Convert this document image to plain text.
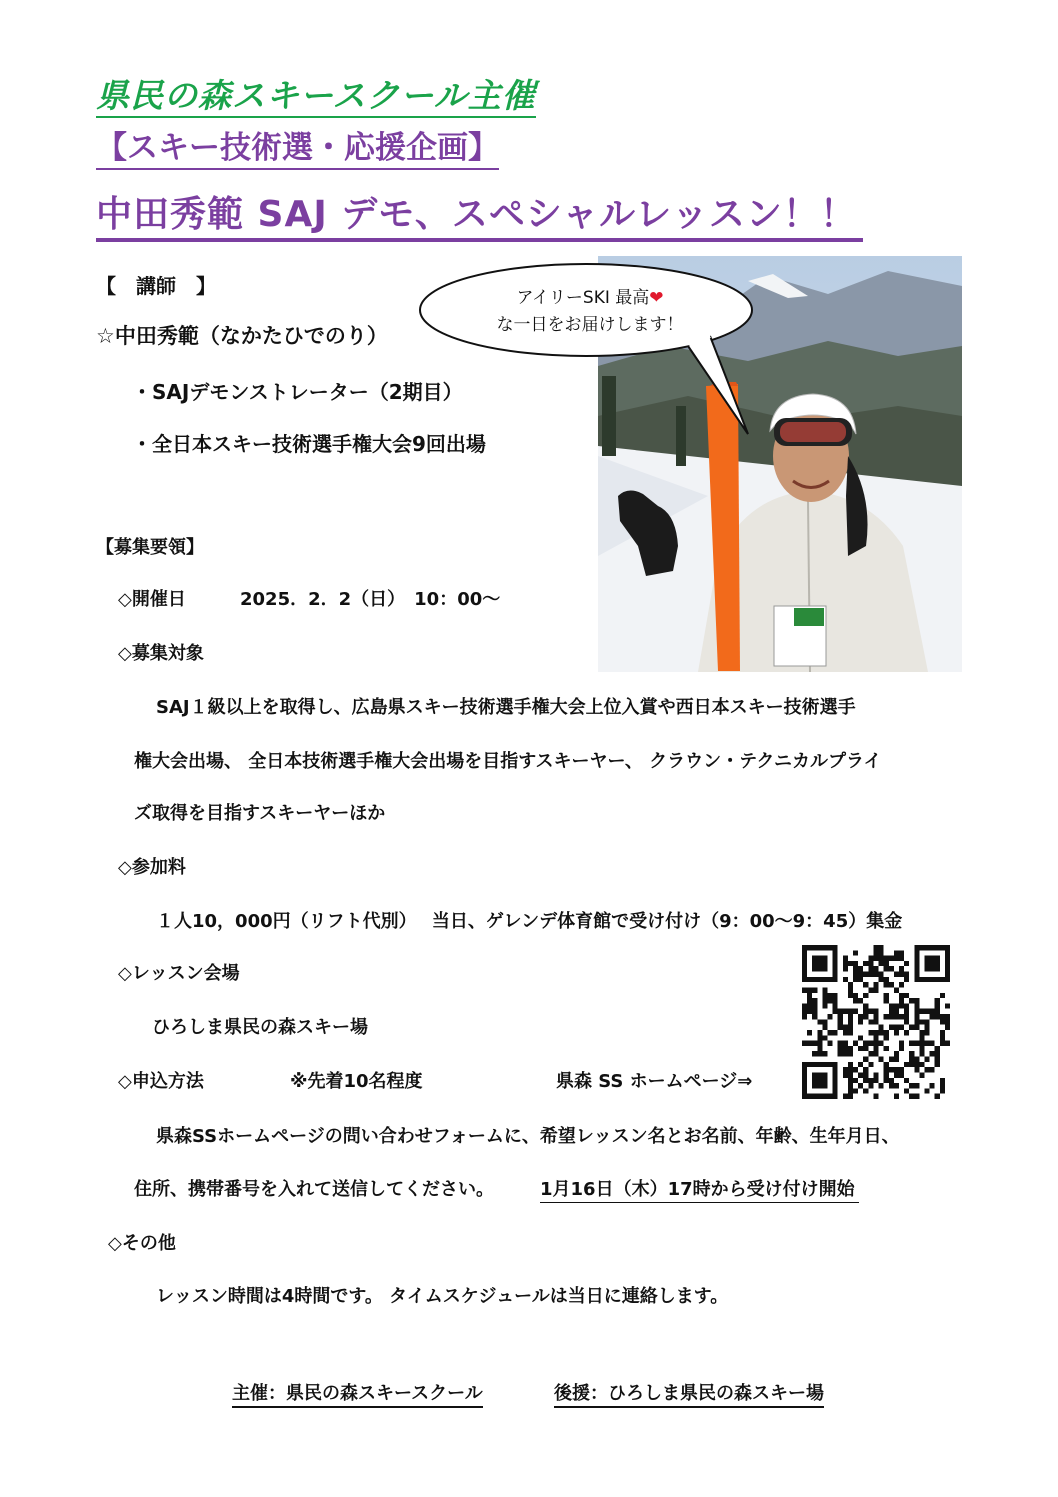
県民の森スキースクール主催
【スキー技術選・応援企画】
中田秀範 SAJ デモ、スペシャルレッスン！！
【　講師　】
☆中田秀範（なかたひでのり）
・SAJデモンストレーター（2期目）
・全日本スキー技術選手権大会9回出場
アイリーSKI 最高❤
な一日をお届けします！
【募集要領】
◇開催日	2025．2．2（日）　10：00～
◇募集対象
SAJ１級以上を取得し、広島県スキー技術選手権大会上位入賞や西日本スキー技術選手
権大会出場、 全日本技術選手権大会出場を目指すスキーヤー、 クラウン・テクニカルプライ
ズ取得を目指すスキーヤーほか
◇参加料
１人10，000円（リフト代別）　 当日、ゲレンデ体育館で受け付け（9：00～9：45）集金
◇レッスン会場
ひろしま県民の森スキー場
◇申込方法	※先着10名程度	県森 SS ホームページ⇒
県森SSホームページの問い合わせフォームに、希望レッスン名とお名前、年齢、生年月日、
住所、携帯番号を入れて送信してください。	1月16日（木）17時から受け付け開始
◇その他
レッスン時間は4時間です。 タイムスケジュールは当日に連絡します。
主催：県民の森スキースクール	後援：ひろしま県民の森スキー場
